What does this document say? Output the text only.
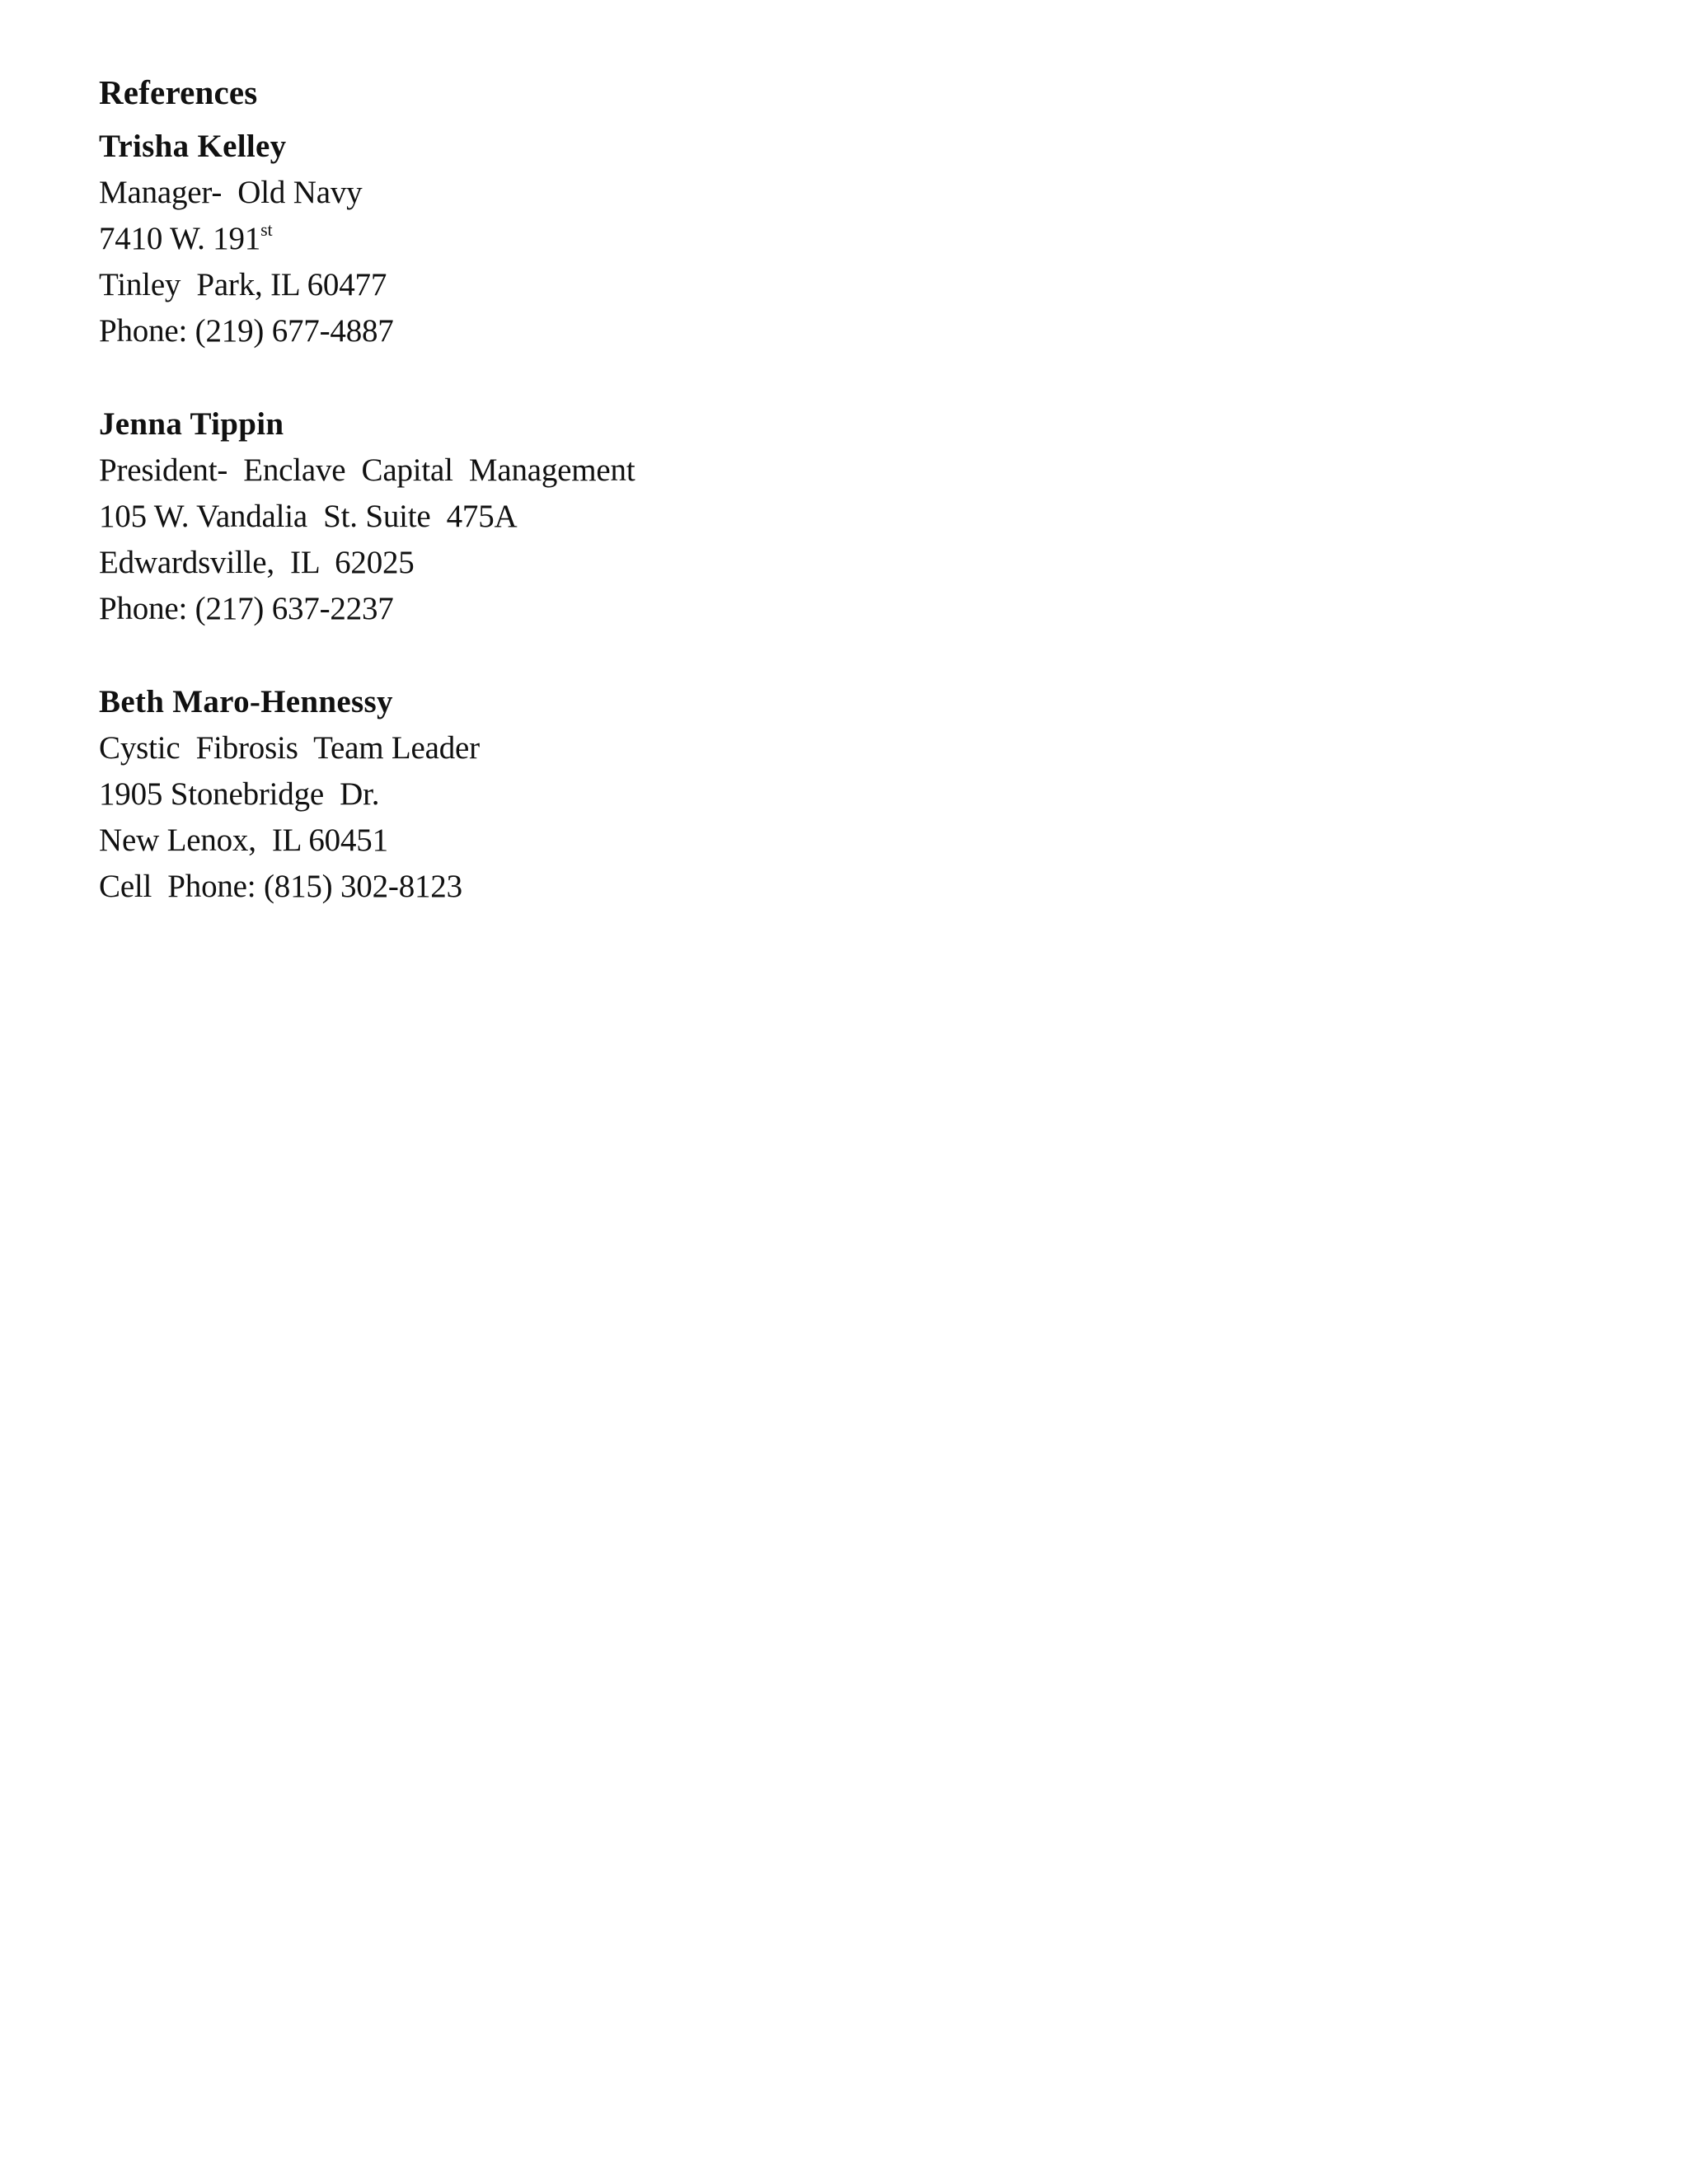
References
Trisha Kelley
Manager-  Old Navy
7410 W. 191st
Tinley  Park, IL 60477
Phone: (219) 677-4887
Jenna Tippin
President-  Enclave  Capital  Management
105 W. Vandalia  St. Suite  475A
Edwardsville,  IL  62025
Phone: (217) 637-2237
Beth Maro-Hennessy
Cystic  Fibrosis  Team Leader
1905 Stonebridge  Dr.
New Lenox,  IL 60451
Cell  Phone: (815) 302-8123
